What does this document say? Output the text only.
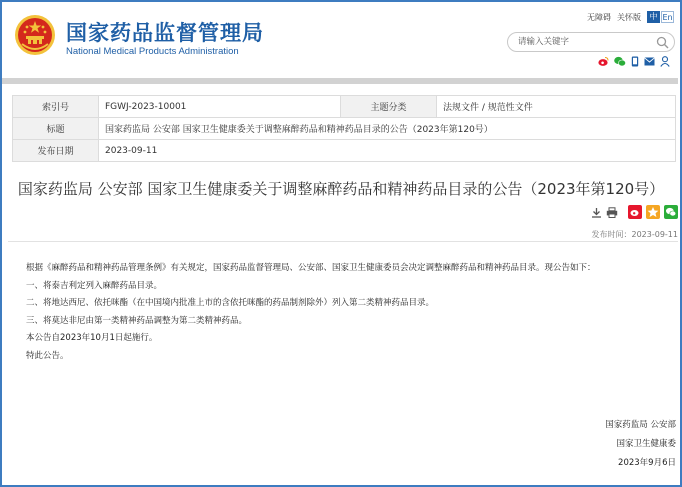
国家药品监督管理局
National Medical Products Administration
无障碍 关怀版	中 En
请输入关键字
索引号	FGWJ-2023-10001	主题分类	法规文件 / 规范性文件
标题	国家药监局 公安部 国家卫生健康委关于调整麻醉药品和精神药品目录的公告（2023年第120号）		
发布日期	2023-09-11		
国家药监局 公安部 国家卫生健康委关于调整麻醉药品和精神药品目录的公告（2023年第120号）
发布时间：2023-09-11

根据《麻醉药品和精神药品管理条例》有关规定，国家药品监督管理局、公安部、国家卫生健康委员会决定调整麻醉药品和精神药品目录。现公告如下：

一、将泰吉利定列入麻醉药品目录。

二、将地达西尼、依托咪酯（在中国境内批准上市的含依托咪酯的药品制剂除外）列入第二类精神药品目录。

三、将莫达非尼由第一类精神药品调整为第二类精神药品。

本公告自2023年10月1日起施行。

特此公告。

国家药监局 公安部
国家卫生健康委
2023年9月6日
